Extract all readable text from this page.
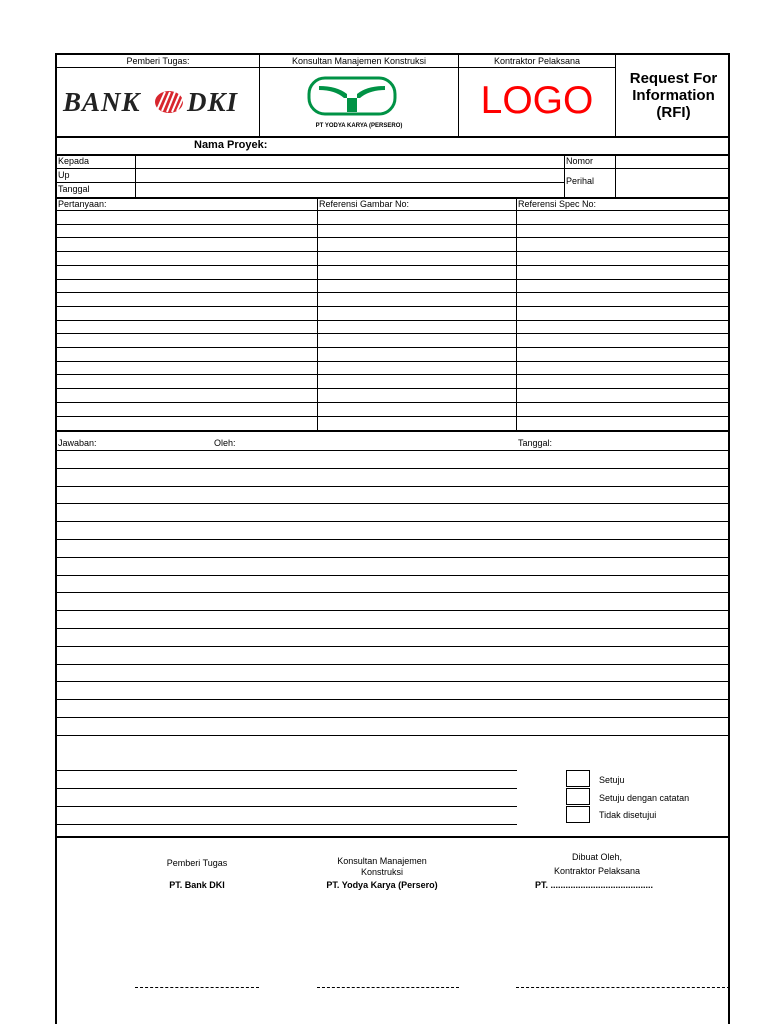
Pemberi Tugas:	Konsultan Manajemen Konstruksi	Kontraktor Pelaksana
BANK DKI
PT YODYA KARYA (PERSERO)
LOGO
Request For
Information
(RFI)
Nama Proyek:
Kepada
Up
Tanggal
Nomor
Perihal
Pertanyaan:	Referensi Gambar No:	Referensi Spec No:
Jawaban:	Oleh:	Tanggal:
Setuju
Setuju dengan catatan
Tidak disetujui
Pemberi Tugas
PT. Bank DKI
Konsultan Manajemen
Konstruksi
PT. Yodya Karya (Persero)
Dibuat Oleh,
Kontraktor Pelaksana
PT. .........................................
